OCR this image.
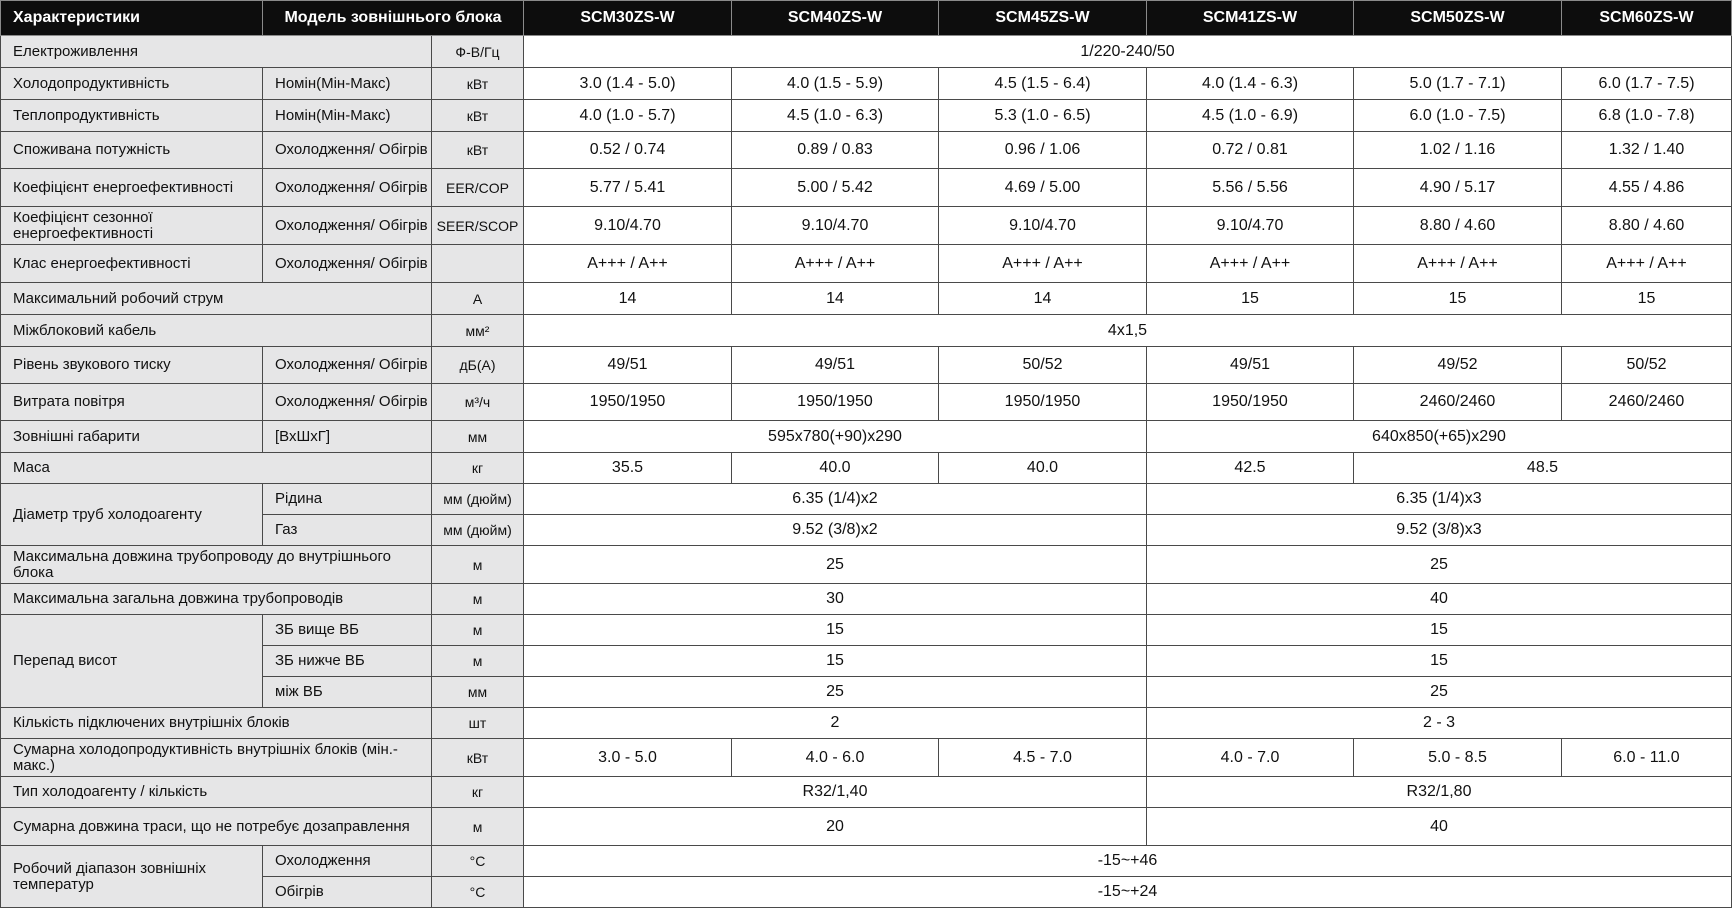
Характеристики	Модель зовнішнього блока		SCM30ZS-W	SCM40ZS-W	SCM45ZS-W	SCM41ZS-W	SCM50ZS-W	SCM60ZS-W
Електроживлення		Ф-В/Гц	1/220-240/50					
Холодопродуктивність	Номін(Мін-Макс)	кВт	3.0 (1.4 - 5.0)	4.0 (1.5 - 5.9)	4.5 (1.5 - 6.4)	4.0 (1.4 - 6.3)	5.0 (1.7 - 7.1)	6.0 (1.7 - 7.5)
Теплопродуктивність	Номін(Мін-Макс)	кВт	4.0 (1.0 - 5.7)	4.5 (1.0 - 6.3)	5.3 (1.0 - 6.5)	4.5 (1.0 - 6.9)	6.0 (1.0 - 7.5)	6.8 (1.0 - 7.8)
Споживана потужність	Охолодження/ Обігрів	кВт	0.52 / 0.74	0.89 / 0.83	0.96 / 1.06	0.72 / 0.81	1.02 / 1.16	1.32 / 1.40
Коефіцієнт енергоефективності	Охолодження/ Обігрів	EER/COP	5.77 / 5.41	5.00 / 5.42	4.69 / 5.00	5.56 / 5.56	4.90 / 5.17	4.55 / 4.86
Коефіцієнт сезонної енергоефективності	Охолодження/ Обігрів	SEER/SCOP	9.10/4.70	9.10/4.70	9.10/4.70	9.10/4.70	8.80 / 4.60	8.80 / 4.60
Клас енергоефективності	Охолодження/ Обігрів		A+++ / A++	A+++ / A++	A+++ / A++	A+++ / A++	A+++ / A++	A+++ / A++
Максимальний робочий струм		A	14	14	14	15	15	15
Міжблоковий кабель		мм²	4x1,5					
Рівень звукового тиску	Охолодження/ Обігрів	дБ(А)	49/51	49/51	50/52	49/51	49/52	50/52
Витрата повітря	Охолодження/ Обігрів	м³/ч	1950/1950	1950/1950	1950/1950	1950/1950	2460/2460	2460/2460
Зовнішні габарити	[ВхШхГ]	мм	595x780(+90)x290			640x850(+65)x290		
Маса		кг	35.5	40.0	40.0	42.5	48.5	
Діаметр труб холодоагенту	Рідина	мм (дюйм)	6.35 (1/4)x2			6.35 (1/4)x3		
	Газ	мм (дюйм)	9.52 (3/8)x2			9.52 (3/8)x3		
Максимальна довжина трубопроводу до внутрішнього блока		м	25			25		
Максимальна загальна довжина трубопроводів		м	30			40		
Перепад висот	ЗБ вище ВБ	м	15			15		
	ЗБ нижче ВБ	м	15			15		
	між ВБ	мм	25			25		
Кількість підключених внутрішніх блоків		шт	2			2 - 3		
Сумарна холодопродуктивність внутрішніх блоків (мін.-макс.)		кВт	3.0 - 5.0	4.0 - 6.0	4.5 - 7.0	4.0 - 7.0	5.0 - 8.5	6.0 - 11.0
Тип холодоагенту / кількість		кг	R32/1,40			R32/1,80		
Сумарна довжина траси, що не потребує дозаправлення		м	20			40		
Робочий діапазон зовнішніх температур	Охолодження	°C	-15~+46					
	Обігрів	°C	-15~+24					
